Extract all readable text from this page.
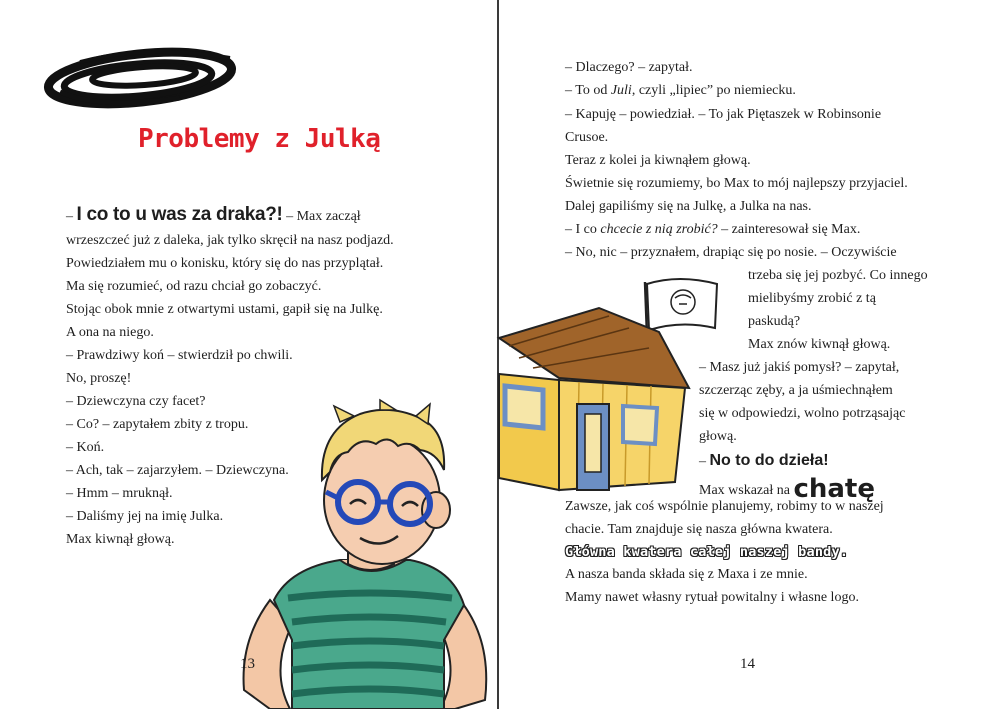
Problemy z Julką
– I co to u was za draka?! – Max zaczął
wrzeszczeć już z daleka, jak tylko skręcił na nasz podjazd.
Powiedziałem mu o konisku, który się do nas przyplątał.
Ma się rozumieć, od razu chciał go zobaczyć.
Stojąc obok mnie z otwartymi ustami, gapił się na Julkę.
A ona na niego.
– Prawdziwy koń – stwierdził po chwili.
No, proszę!
– Dziewczyna czy facet?
– Co? – zapytałem zbity z tropu.
– Koń.
– Ach, tak – zajarzyłem. – Dziewczyna.
– Hmm – mruknął.
– Daliśmy jej na imię Julka.
Max kiwnął głową.
13
– Dlaczego? – zapytał.
– To od Juli, czyli „lipiec” po niemiecku.
– Kapuję – powiedział. – To jak Piętaszek w Robinsonie
Crusoe.
Teraz z kolei ja kiwnąłem głową.
Świetnie się rozumiemy, bo Max to mój najlepszy przyjaciel.
Dalej gapiliśmy się na Julkę, a Julka na nas.
– I co chcecie z nią zrobić? – zainteresował się Max.
– No, nic – przyznałem, drapiąc się po nosie. – Oczywiście
trzeba się jej pozbyć. Co innego
mielibyśmy zrobić z tą
paskudą?
Max znów kiwnął głową.
– Masz już jakiś pomysł? – zapytał,
szczerząc zęby, a ja uśmiechnąłem
się w odpowiedzi, wolno potrząsając
głową.
– No to do dzieła!
Max wskazał na chatę
Zawsze, jak coś wspólnie planujemy, robimy to w naszej
chacie. Tam znajduje się nasza główna kwatera.
Główna kwatera całej naszej bandy.
A nasza banda składa się z Maxa i ze mnie.
Mamy nawet własny rytuał powitalny i własne logo.
14
